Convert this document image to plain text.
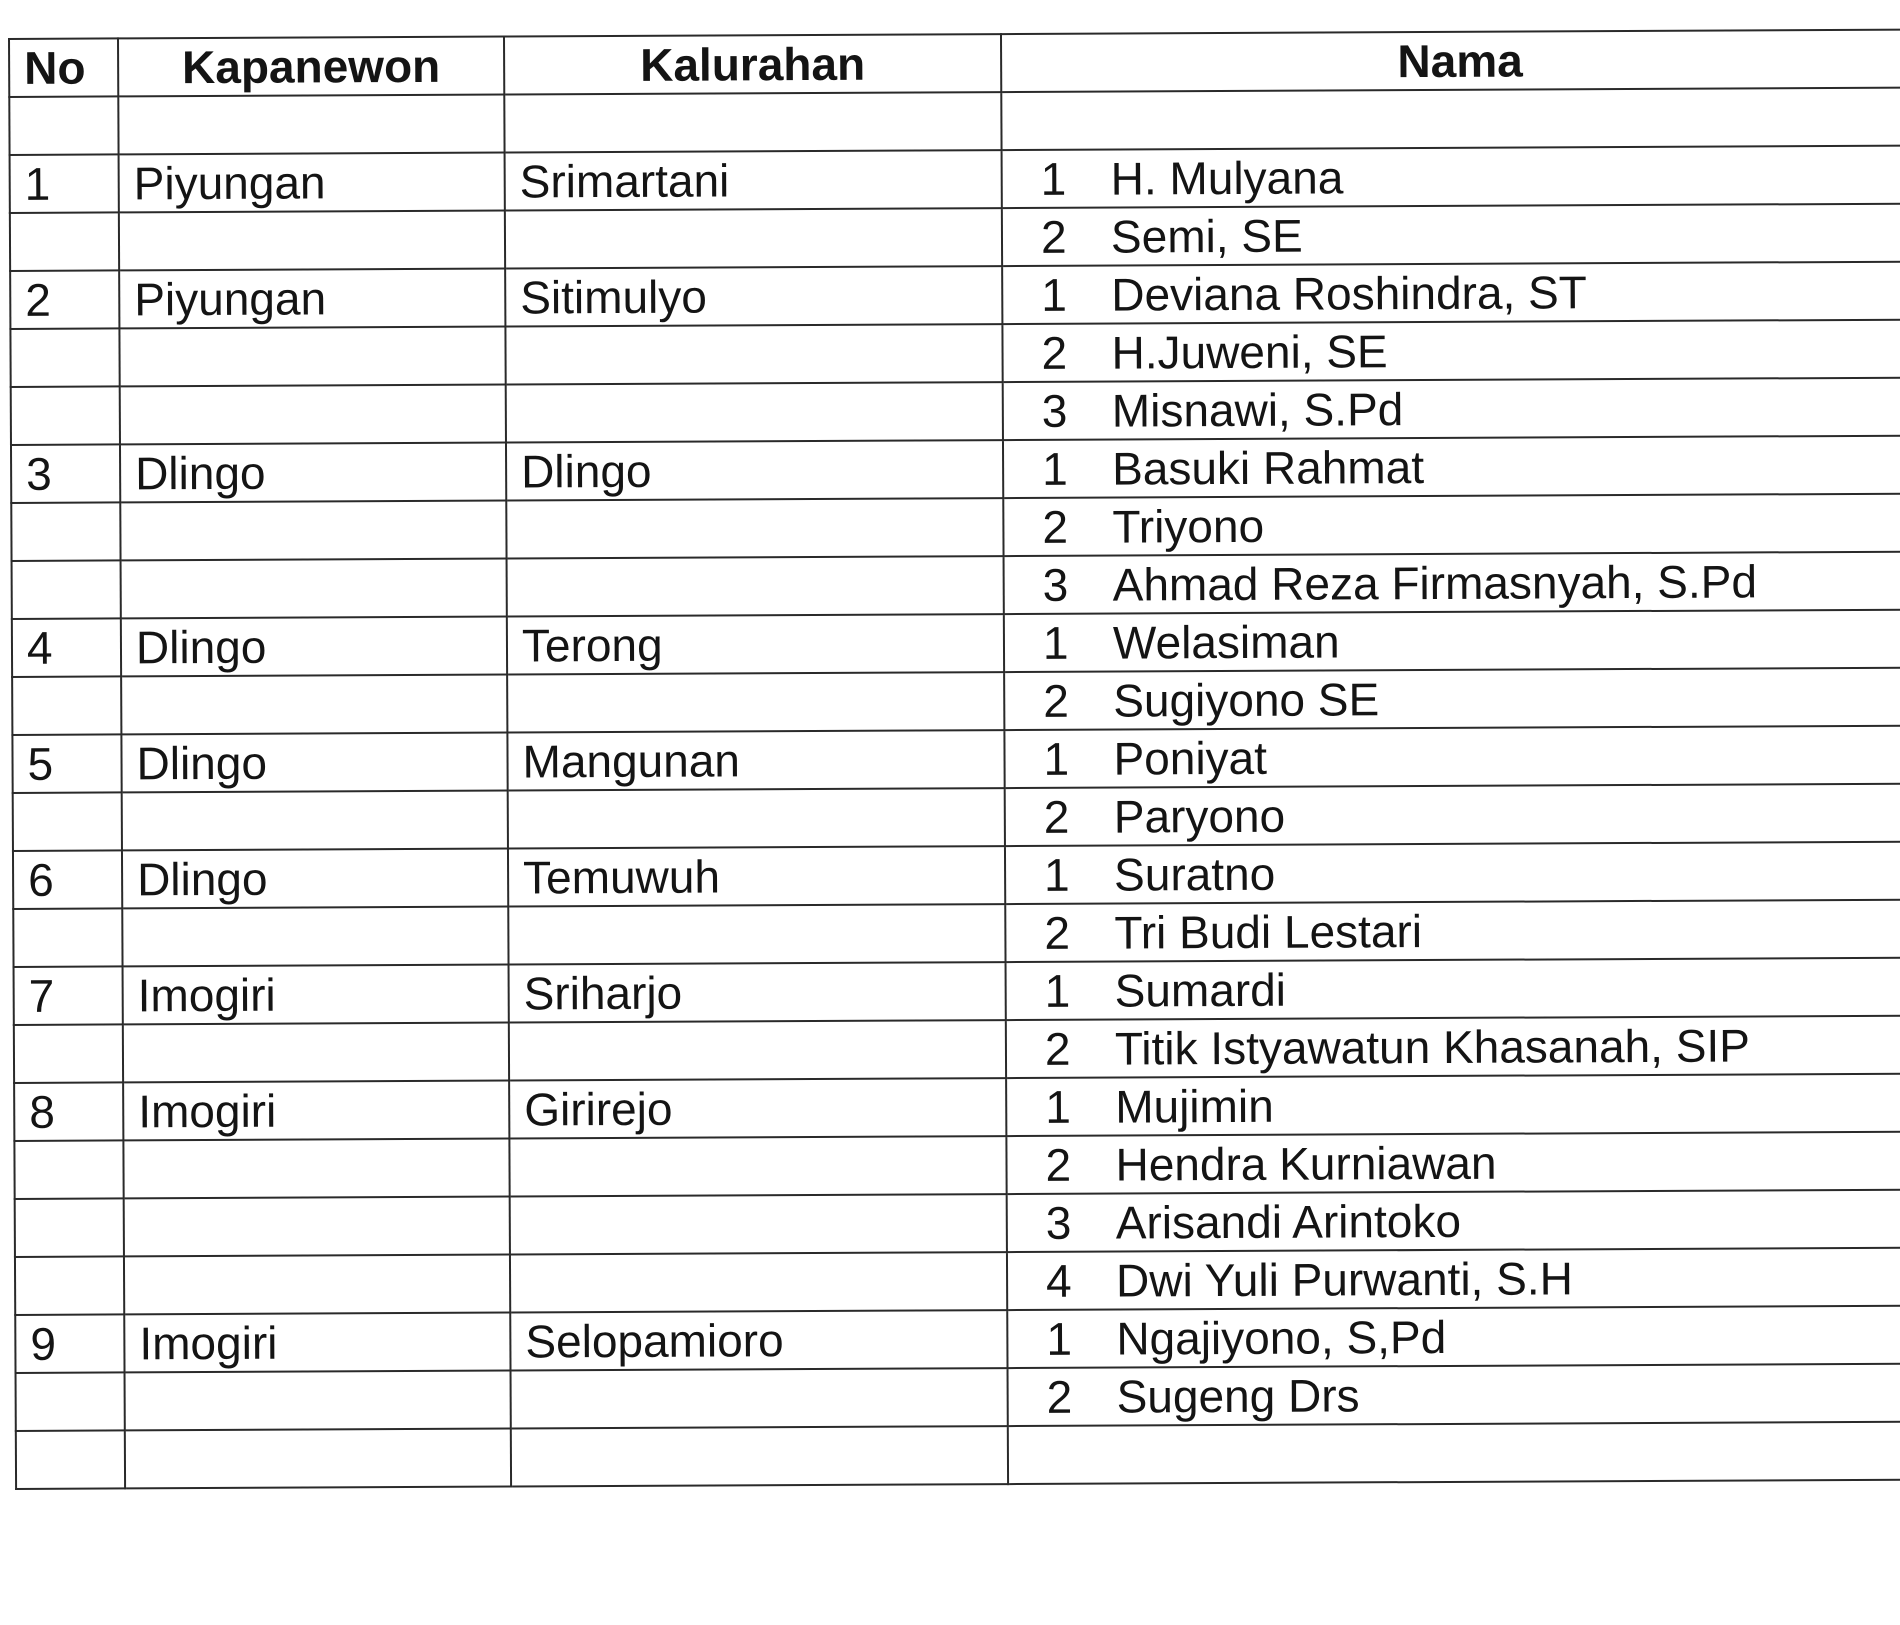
No	Kapanewon	Kalurahan	Nama

1	Piyungan	Srimartani	1 H. Mulyana
			2 Semi, SE
2	Piyungan	Sitimulyo	1 Deviana Roshindra, ST
			2 H.Juweni, SE
			3 Misnawi, S.Pd
3	Dlingo	Dlingo	1 Basuki Rahmat
			2 Triyono
			3 Ahmad Reza Firmasnyah, S.Pd
4	Dlingo	Terong	1 Welasiman
			2 Sugiyono SE
5	Dlingo	Mangunan	1 Poniyat
			2 Paryono
6	Dlingo	Temuwuh	1 Suratno
			2 Tri Budi Lestari
7	Imogiri	Sriharjo	1 Sumardi
			2 Titik Istyawatun Khasanah, SIP
8	Imogiri	Girirejo	1 Mujimin
			2 Hendra Kurniawan
			3 Arisandi Arintoko
			4 Dwi Yuli Purwanti, S.H
9	Imogiri	Selopamioro	1 Ngajiyono, S,Pd
			2 Sugeng Drs
